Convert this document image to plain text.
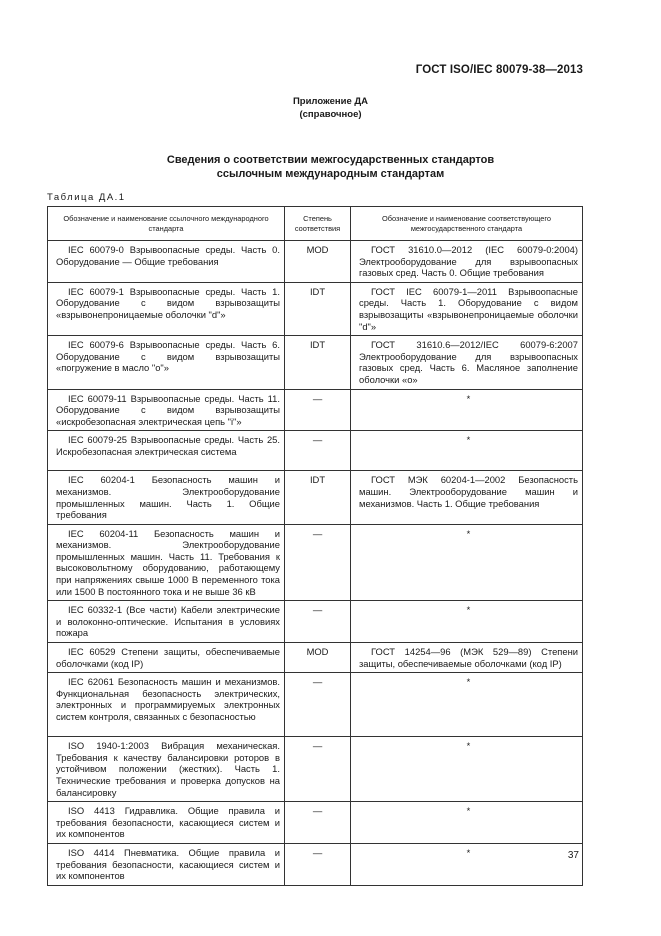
ГОСТ ISO/IEC 80079-38—2013
Приложение ДА
(справочное)
Сведения о соответствии межгосударственных стандартов
ссылочным международным стандартам
Таблица ДА.1
Обозначение и наименование ссылочного международного стандарта	Степень соответствия	Обозначение и наименование соответствующего межгосударственного стандарта
IEC 60079-0 Взрывоопасные среды. Часть 0. Оборудование — Общие требования	MOD	ГОСТ 31610.0—2012 (IEC 60079-0:2004) Электрооборудование для взрывоопасных газовых сред. Часть 0. Общие требования
IEC 60079-1 Взрывоопасные среды. Часть 1. Оборудование с видом взрывозащиты «взрывонепроницаемые оболочки "d"»	IDT	ГОСТ IEC 60079-1—2011 Взрывоопасные среды. Часть 1. Оборудование с видом взрывозащиты «взрывонепроницаемые оболочки "d"»
IEC 60079-6 Взрывоопасные среды. Часть 6. Оборудование с видом взрывозащиты «погружение в масло "о"»	IDT	ГОСТ 31610.6—2012/IEC 60079-6:2007 Электрооборудование для взрывоопасных газовых сред. Часть 6. Масляное заполнение оболочки «о»
IEC 60079-11 Взрывоопасные среды. Часть 11. Оборудование с видом взрывозащиты «искробезопасная электрическая цепь "i"»	—	*
IEC 60079-25 Взрывоопасные среды. Часть 25. Искробезопасная электрическая система	—	*
IEC 60204-1 Безопасность машин и механизмов. Электрооборудование промышленных машин. Часть 1. Общие требования	IDT	ГОСТ МЭК 60204-1—2002 Безопасность машин. Электрооборудование машин и механизмов. Часть 1. Общие требования
IEC 60204-11 Безопасность машин и механизмов. Электрооборудование промышленных машин. Часть 11. Требования к высоковольтному оборудованию, работающему при напряжениях свыше 1000 В переменного тока или 1500 В постоянного тока и не выше 36 кВ	—	*
IEC 60332-1 (Все части) Кабели электрические и волоконно-оптические. Испытания в условиях пожара	—	*
IEC 60529 Степени защиты, обеспечиваемые оболочками (код IP)	MOD	ГОСТ 14254—96 (МЭК 529—89) Степени защиты, обеспечиваемые оболочками (код IP)
IEC 62061 Безопасность машин и механизмов. Функциональная безопасность электрических, электронных и программируемых электронных систем контроля, связанных с безопасностью	—	*
ISO 1940-1:2003 Вибрация механическая. Требования к качеству балансировки роторов в устойчивом положении (жестких). Часть 1. Технические требования и проверка допусков на балансировку	—	*
ISO 4413 Гидравлика. Общие правила и требования безопасности, касающиеся систем и их компонентов	—	*
ISO 4414 Пневматика. Общие правила и требования безопасности, касающиеся систем и их компонентов	—	*	37
